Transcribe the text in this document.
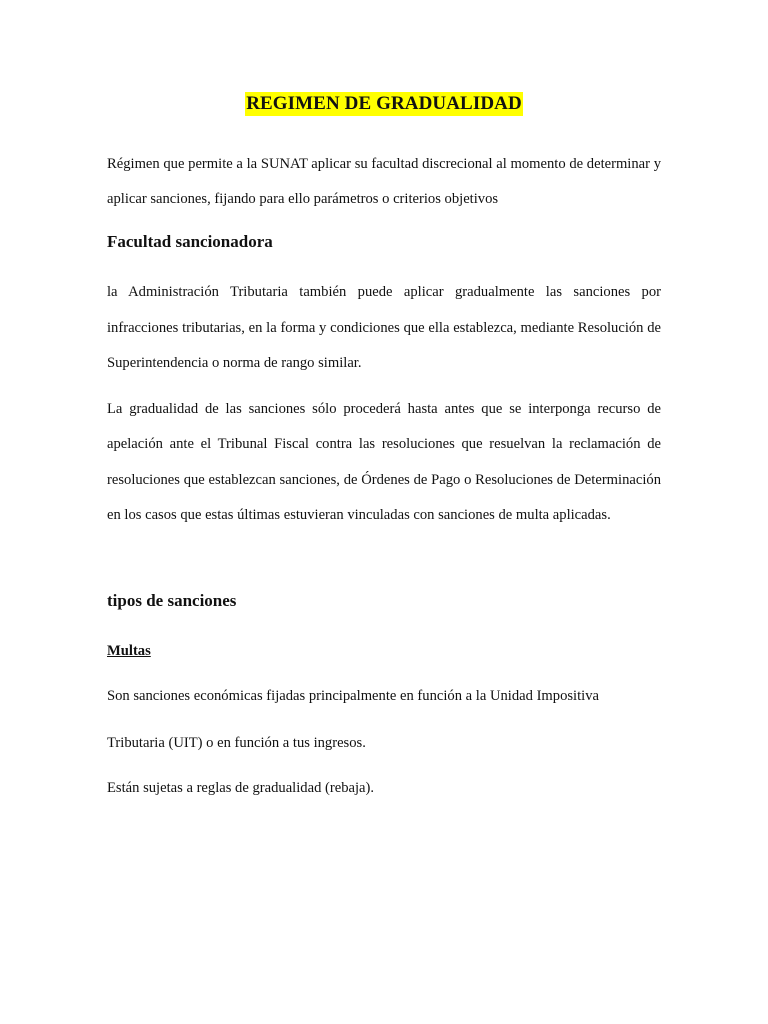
REGIMEN DE GRADUALIDAD

Régimen que permite a la SUNAT aplicar su facultad discrecional al momento de determinar y aplicar sanciones, fijando para ello parámetros o criterios objetivos

Facultad sancionadora

la Administración Tributaria también puede aplicar gradualmente las sanciones por infracciones tributarias, en la forma y condiciones que ella establezca, mediante Resolución de Superintendencia o norma de rango similar.

La gradualidad de las sanciones sólo procederá hasta antes que se interponga recurso de apelación ante el Tribunal Fiscal contra las resoluciones que resuelvan la reclamación de resoluciones que establezcan sanciones, de Órdenes de Pago o Resoluciones de Determinación en los casos que estas últimas estuvieran vinculadas con sanciones de multa aplicadas.

tipos de sanciones
Multas

Son sanciones económicas fijadas principalmente en función a la Unidad Impositiva

Tributaria (UIT) o en función a tus ingresos.

Están sujetas a reglas de gradualidad (rebaja).
